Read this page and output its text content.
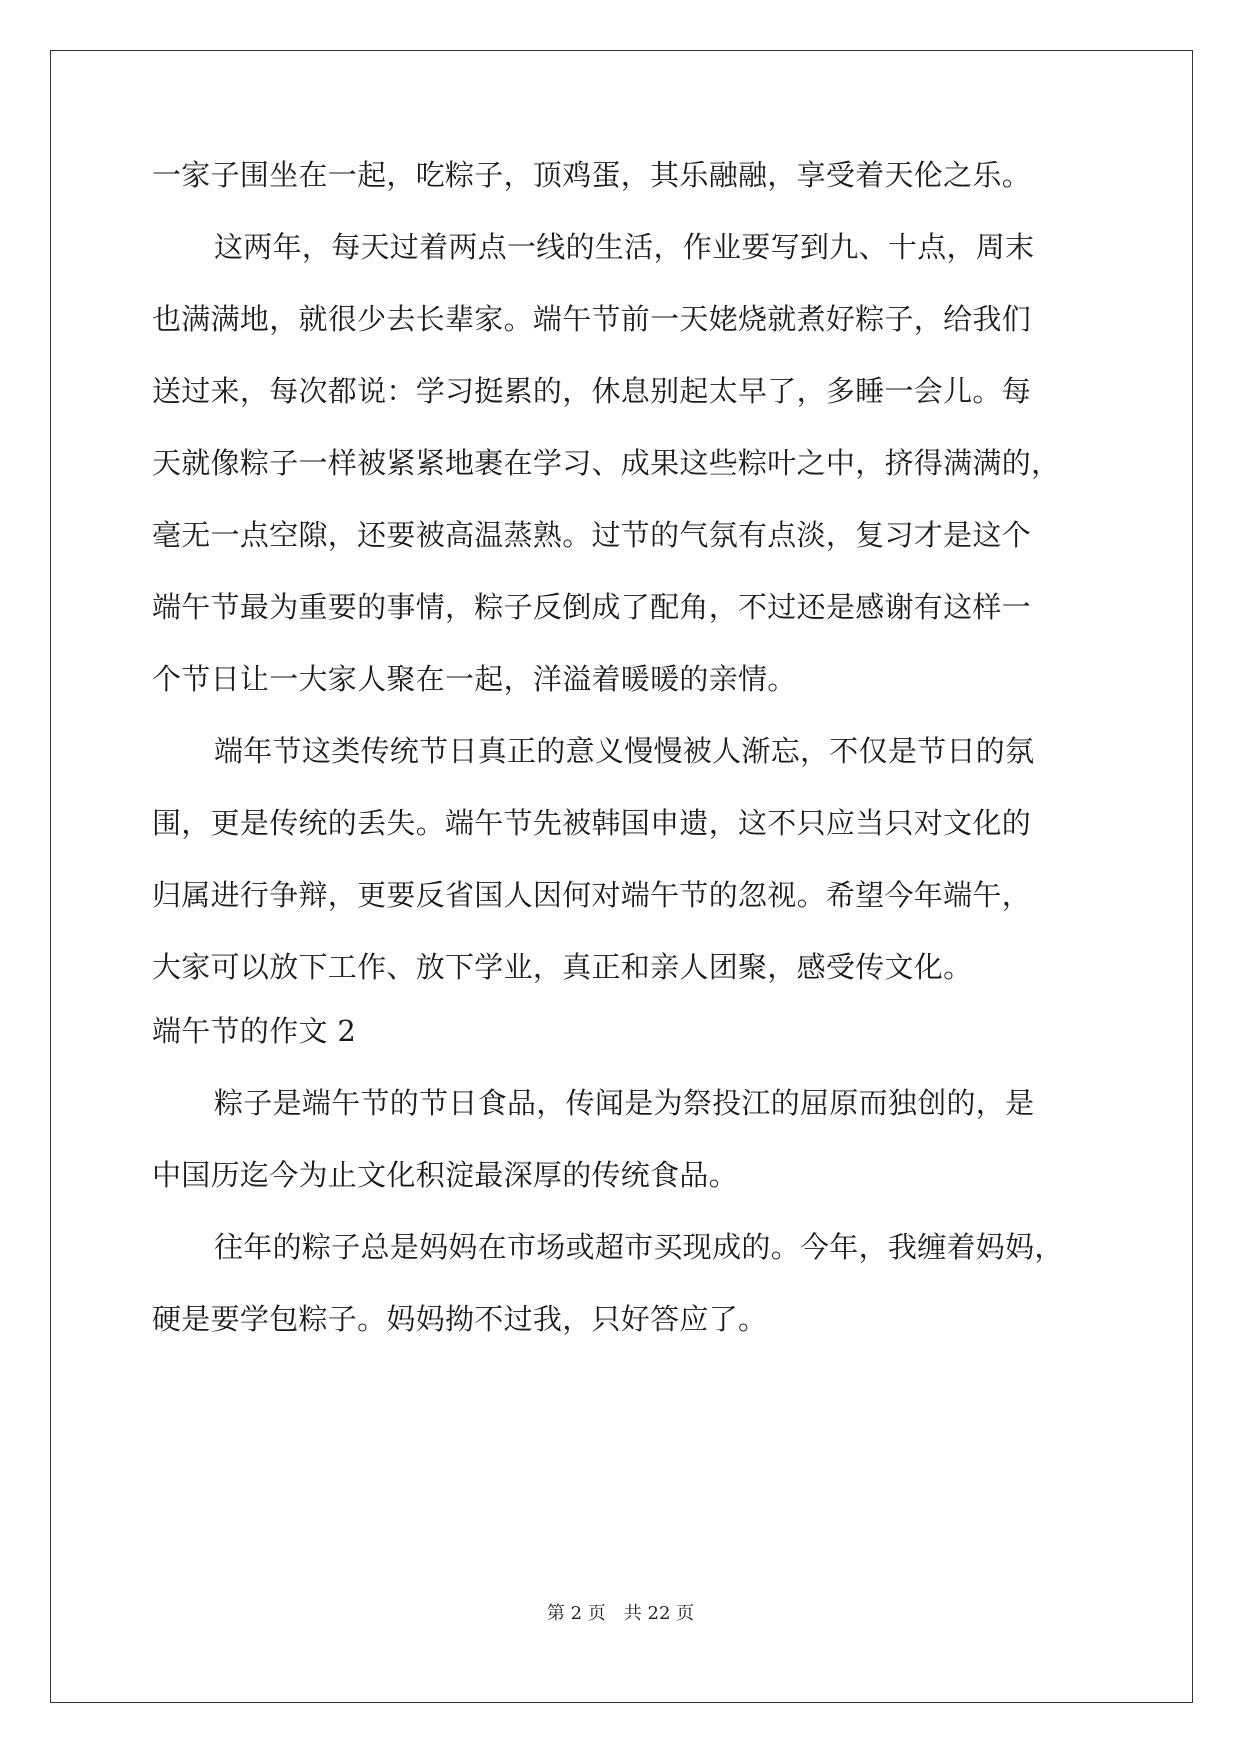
一家子围坐在一起，吃粽子，顶鸡蛋，其乐融融，享受着天伦之乐。
这两年，每天过着两点一线的生活，作业要写到九、十点，周末
也满满地，就很少去长辈家。端午节前一天姥烧就煮好粽子，给我们
送过来，每次都说：学习挺累的，休息别起太早了，多睡一会儿。每
天就像粽子一样被紧紧地裹在学习、成果这些粽叶之中，挤得满满的，
毫无一点空隙，还要被高温蒸熟。过节的气氛有点淡，复习才是这个
端午节最为重要的事情，粽子反倒成了配角，不过还是感谢有这样一
个节日让一大家人聚在一起，洋溢着暖暖的亲情。
端年节这类传统节日真正的意义慢慢被人渐忘，不仅是节日的氛
围，更是传统的丢失。端午节先被韩国申遗，这不只应当只对文化的
归属进行争辩，更要反省国人因何对端午节的忽视。希望今年端午，
大家可以放下工作、放下学业，真正和亲人团聚，感受传文化。
端午节的作文 2
粽子是端午节的节日食品，传闻是为祭投江的屈原而独创的，是
中国历迄今为止文化积淀最深厚的传统食品。
往年的粽子总是妈妈在市场或超市买现成的。今年，我缠着妈妈，
硬是要学包粽子。妈妈拗不过我，只好答应了。
第 2 页 共 22 页
